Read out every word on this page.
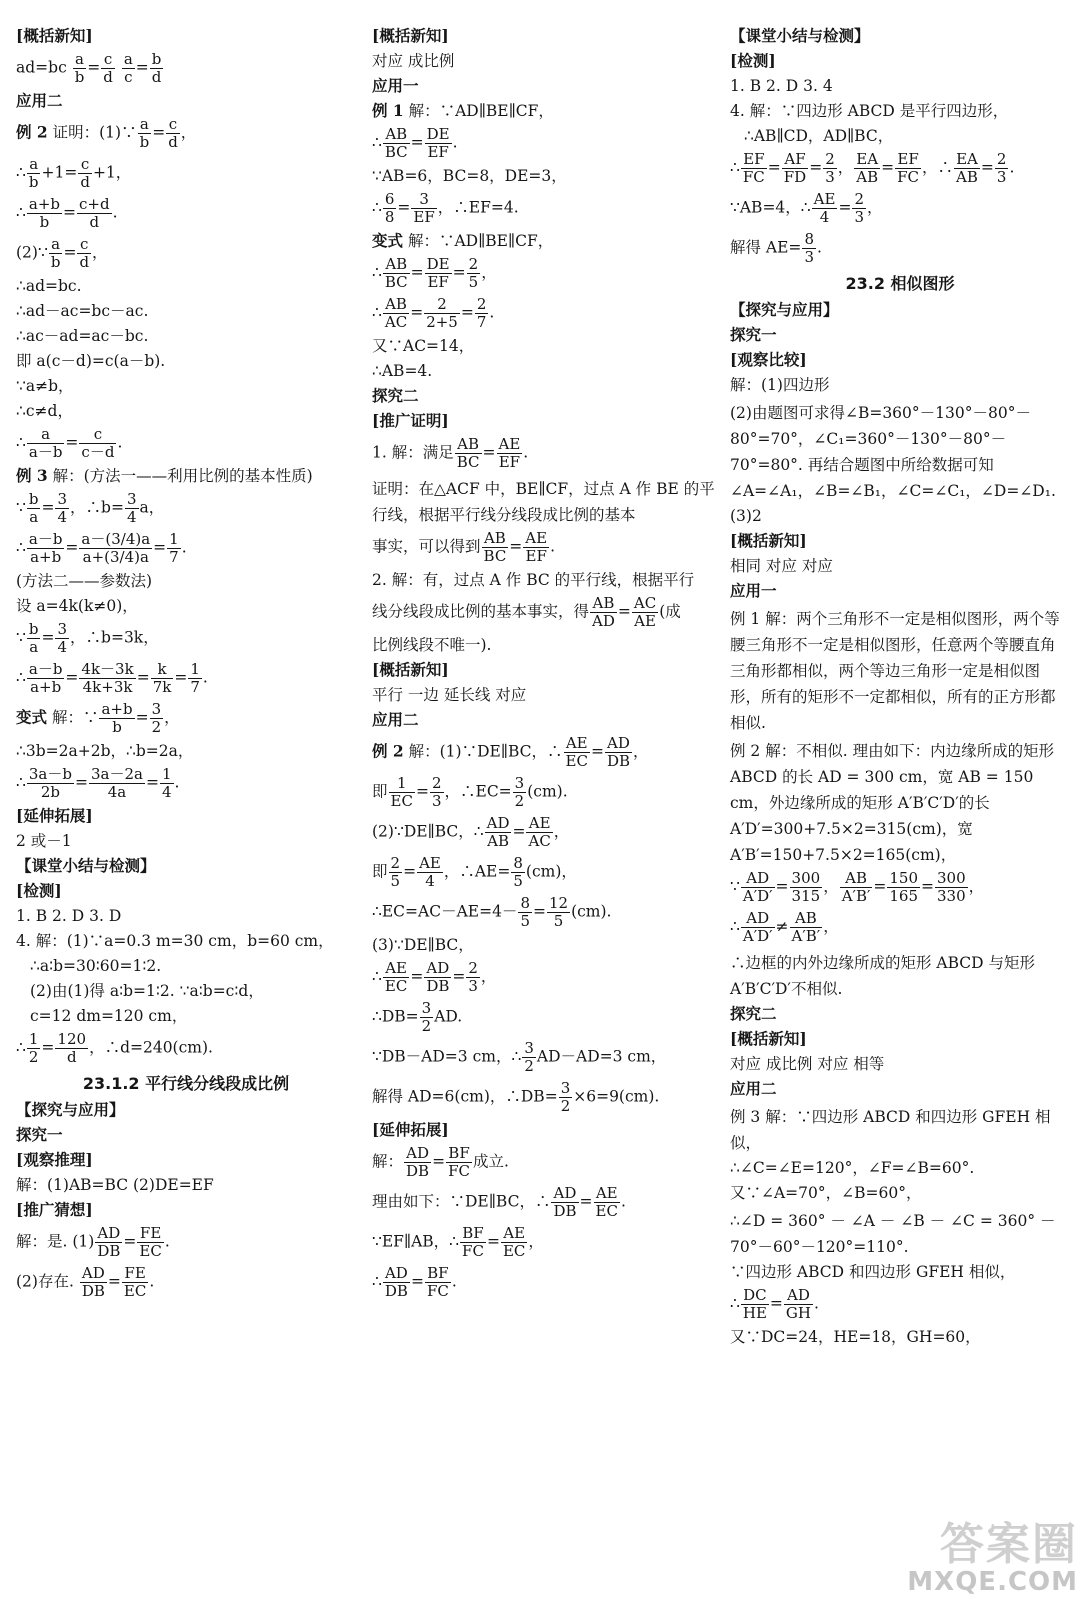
[概括新知]
$ad=bc \frac{a}{b} = \frac{c}{d}$
$\frac{a}{c} = \frac{b}{d}$
应用二
例 2 证明：(1)∵ $\frac{a}{b} = \frac{c}{d}$ ，
∴ $\frac{a}{b} +1= \frac{c}{d} +1$，
∴ $\frac{a+b}{b} = \frac{c+d}{d}$ .
(2)∵ $\frac{a}{b} = \frac{c}{d}$ ，
∴ad=bc.
∴ad－ac=bc－ac.
∴ac－ad=ac－bc.
即 a(c－d)=c(a－b).
∵a≠b，
∴c≠d，
∴ $\frac{a}{a-b} = \frac{c}{c-d}$ .
例 3 解：(方法一——利用比例的基本性质)
∵ $\frac{b}{a} = \frac{3}{4}$ ，∴b= $\frac{3}{4}$ a，
∴ $\frac{a-b}{a+b} = \frac{a-(3/4)a}{a+(3/4)a} = \frac{1}{7}$ .
(方法二——参数法)
设 a=4k(k≠0)，
∵ $\frac{b}{a} = \frac{3}{4}$ ，∴b=3k，
∴ $\frac{a-b}{a+b} = \frac{4k-3k}{4k+3k} = \frac{k}{7k} = \frac{1}{7}$ .
变式 解：∵ $\frac{a+b}{b} = \frac{3}{2}$ ，
∴3b=2a+2b，∴b=2a，
∴ $\frac{3a-b}{2b} = \frac{3a-2a}{4a} = \frac{1}{4}$ .
[延伸拓展]
2 或－1
【课堂小结与检测】
[检测]
1. B 2. D 3. D
4. 解：(1)∵a=0.3 m=30 cm，b=60 cm，
∴a∶b=30∶60=1∶2.
(2)由(1)得 a∶b=1∶2. ∵a∶b=c∶d，
c=12 dm=120 cm，
∴ $\frac{1}{2} = \frac{120}{d}$ ，∴d=240(cm).
23.1.2 平行线分线段成比例
【探究与应用】
探究一
[观察推理]
解：(1)AB=BC (2)DE=EF
[推广猜想]
解：是. $(1) \frac{AD}{DB} = \frac{FE}{EC}$ .
(2)存在. $\frac{AD}{DB} = \frac{FE}{EC}$ .
[概括新知]
对应 成比例
应用一
例 1 解：∵AD∥BE∥CF，
∴ $\frac{AB}{BC} = \frac{DE}{EF}$ .
∵AB=6，BC=8，DE=3，
∴ $\frac{6}{8} = \frac{3}{EF}$ ，∴EF=4.
变式 解：∵AD∥BE∥CF，
∴ $\frac{AB}{BC} = \frac{DE}{EF} = \frac{2}{5}$ ，
∴ $\frac{AB}{AC} = \frac{2}{2+5} = \frac{2}{7}$ .
又∵AC=14，
∴AB=4.
探究二
[推广证明]
1. 解：满足 $\frac{AB}{BC} = \frac{AE}{EF}$ .
证明：在△ACF 中，BE∥CF，过点 A 作 BE 的平行线，根据平行线分线段成比例的基本
事实，可以得到 $\frac{AB}{BC} = \frac{AE}{EF}$ .
2. 解：有，过点 A 作 BC 的平行线，根据平行
线分线段成比例的基本事实，得 $\frac{AB}{AD} = \frac{AC}{AE}$ (成
比例线段不唯一).
[概括新知]
平行 一边 延长线 对应
应用二
例 2 解：(1)∵DE∥BC，∴ $\frac{AE}{EC} = \frac{AD}{DB}$ ，
即 $\frac{1}{EC} = \frac{2}{3}$ ，∴EC= $\frac{3}{2} (cm)$.
(2)∵DE∥BC，∴ $\frac{AD}{AB} = \frac{AE}{AC}$ ，
即 $\frac{2}{5} = \frac{AE}{4}$ ，∴AE= $\frac{8}{5} (cm)$，
∴EC=AC－AE=4－ $\frac{8}{5} = \frac{12}{5} (cm)$.
(3)∵DE∥BC，
∴ $\frac{AE}{EC} = \frac{AD}{DB} = \frac{2}{3}$ ，
∴DB= $\frac{3}{2}$ AD.
∵DB－AD=3 cm，∴ $\frac{3}{2} AD-AD=3$ cm，
解得 AD=6(cm)，∴DB= $\frac{3}{2} \times 6=9(cm)$.
[延伸拓展]
解： $\frac{AD}{DB} = \frac{BF}{FC}$ 成立.
理由如下：∵DE∥BC，∴ $\frac{AD}{DB} = \frac{AE}{EC}$ .
∵EF∥AB，∴ $\frac{BF}{FC} = \frac{AE}{EC}$ ，
∴ $\frac{AD}{DB} = \frac{BF}{FC}$ .
【课堂小结与检测】
[检测]
1. B 2. D 3. 4
4. 解：∵四边形 ABCD 是平行四边形，
∴AB∥CD，AD∥BC，
∴ $\frac{EF}{FC} = \frac{AF}{FD} = \frac{2}{3}$ ， $\frac{EA}{AB} = \frac{EF}{FC}$ ，∴ $\frac{EA}{AB} = \frac{2}{3}$ .
∵AB=4，∴ $\frac{AE}{4} = \frac{2}{3}$ ，
解得 $AE= \frac{8}{3}$ .
23.2 相似图形
【探究与应用】
探究一
[观察比较]
解：(1)四边形
(2)由题图可求得∠B=360°－130°－80°－80°=70°，∠C₁=360°－130°－80°－70°=80°. 再结合题图中所给数据可知∠A=∠A₁，∠B=∠B₁，∠C=∠C₁，∠D=∠D₁.
(3)2
[概括新知]
相同 对应 对应
应用一
例 1 解：两个三角形不一定是相似图形，两个等腰三角形不一定是相似图形，任意两个等腰直角三角形都相似，两个等边三角形一定是相似图形，所有的矩形不一定都相似，所有的正方形都相似.
例 2 解：不相似. 理由如下：内边缘所成的矩形 ABCD 的长 AD = 300 cm，宽 AB = 150 cm，外边缘所成的矩形 A′B′C′D′的长 A′D′=300+7.5×2=315(cm)，宽 A′B′=150+7.5×2=165(cm)，
∵ $\frac{AD}{A'D'} = \frac{300}{315}$ ， $\frac{AB}{A'B'} = \frac{150}{165} = \frac{300}{330}$ ，
∴ $\frac{AD}{A'D'} \ne \frac{AB}{A'B'}$ ，
∴边框的内外边缘所成的矩形 ABCD 与矩形 A′B′C′D′不相似.
探究二
[概括新知]
对应 成比例 对应 相等
应用二
例 3 解：∵四边形 ABCD 和四边形 GFEH 相似，
∴∠C=∠E=120°，∠F=∠B=60°.
又∵∠A=70°，∠B=60°，
∴∠D = 360° － ∠A － ∠B － ∠C = 360° － 70°－60°－120°=110°.
∵四边形 ABCD 和四边形 GFEH 相似，
∴ $\frac{DC}{HE} = \frac{AD}{GH}$ .
又∵DC=24，HE=18，GH=60，
答案圈
MXQE.COM
